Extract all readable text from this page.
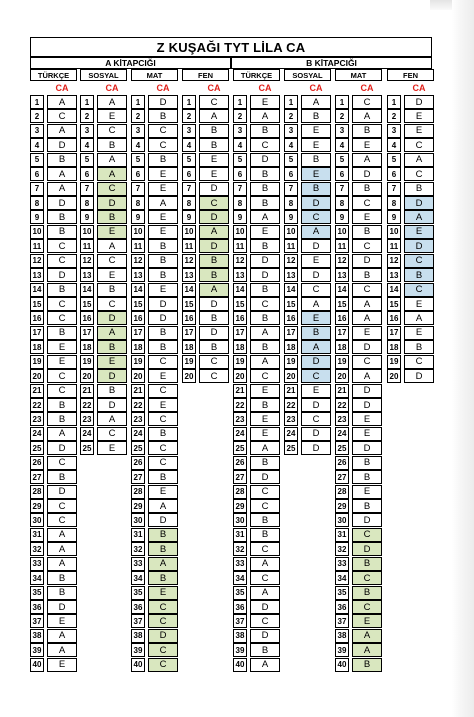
Z KUŞAĞI TYT LİLA CA
A KİTAPCIĞI	B KİTAPCIĞI
TÜRKÇE
CA
1	A
2	C
3	A
4	D
5	B
6	A
7	A
8	D
9	B
10	B
11	C
12	C
13	D
14	B
15	C
16	C
17	B
18	E
19	E
20	C
21	C
22	B
23	B
24	A
25	D
26	C
27	B
28	D
29	C
30	C
31	A
32	A
33	A
34	B
35	B
36	D
37	E
38	A
39	A
40	E
SOSYAL
CA
1	A
2	E
3	C
4	B
5	A
6	A
7	C
8	D
9	B
10	E
11	A
12	C
13	E
14	B
15	C
16	D
17	A
18	B
19	E
20	D
21	B
22	D
23	A
24	C
25	E
MAT
CA
1	D
2	B
3	C
4	C
5	B
6	E
7	E
8	A
9	E
10	E
11	B
12	B
13	B
14	E
15	D
16	D
17	B
18	B
19	C
20	E
21	C
22	E
23	C
24	B
25	C
26	C
27	B
28	E
29	A
30	D
31	B
32	B
33	A
34	B
35	E
36	C
37	C
38	D
39	C
40	C
FEN
CA
1	C
2	A
3	B
4	B
5	E
6	E
7	D
8	C
9	D
10	A
11	D
12	B
13	B
14	A
15	D
16	B
17	D
18	B
19	C
20	C
TÜRKÇE
CA
1	E
2	A
3	B
4	C
5	D
6	B
7	B
8	B
9	A
10	E
11	B
12	D
13	D
14	B
15	C
16	B
17	A
18	B
19	A
20	C
21	E
22	B
23	E
24	E
25	A
26	B
27	D
28	C
29	C
30	B
31	B
32	C
33	A
34	C
35	A
36	D
37	C
38	D
39	B
40	A
SOSYAL
CA
1	A
2	B
3	E
4	E
5	B
6	E
7	B
8	D
9	C
10	A
11	D
12	E
13	D
14	C
15	A
16	E
17	B
18	A
19	D
20	C
21	E
22	D
23	C
24	D
25	D
MAT
CA
1	C
2	A
3	B
4	E
5	A
6	D
7	B
8	C
9	E
10	B
11	C
12	D
13	B
14	C
15	A
16	A
17	E
18	D
19	C
20	A
21	D
22	D
23	E
24	E
25	D
26	B
27	B
28	E
29	B
30	D
31	C
32	D
33	B
34	C
35	B
36	C
37	E
38	A
39	A
40	B
FEN
CA
1	D
2	E
3	E
4	C
5	A
6	C
7	B
8	D
9	A
10	E
11	D
12	C
13	B
14	C
15	E
16	A
17	E
18	B
19	C
20	D
